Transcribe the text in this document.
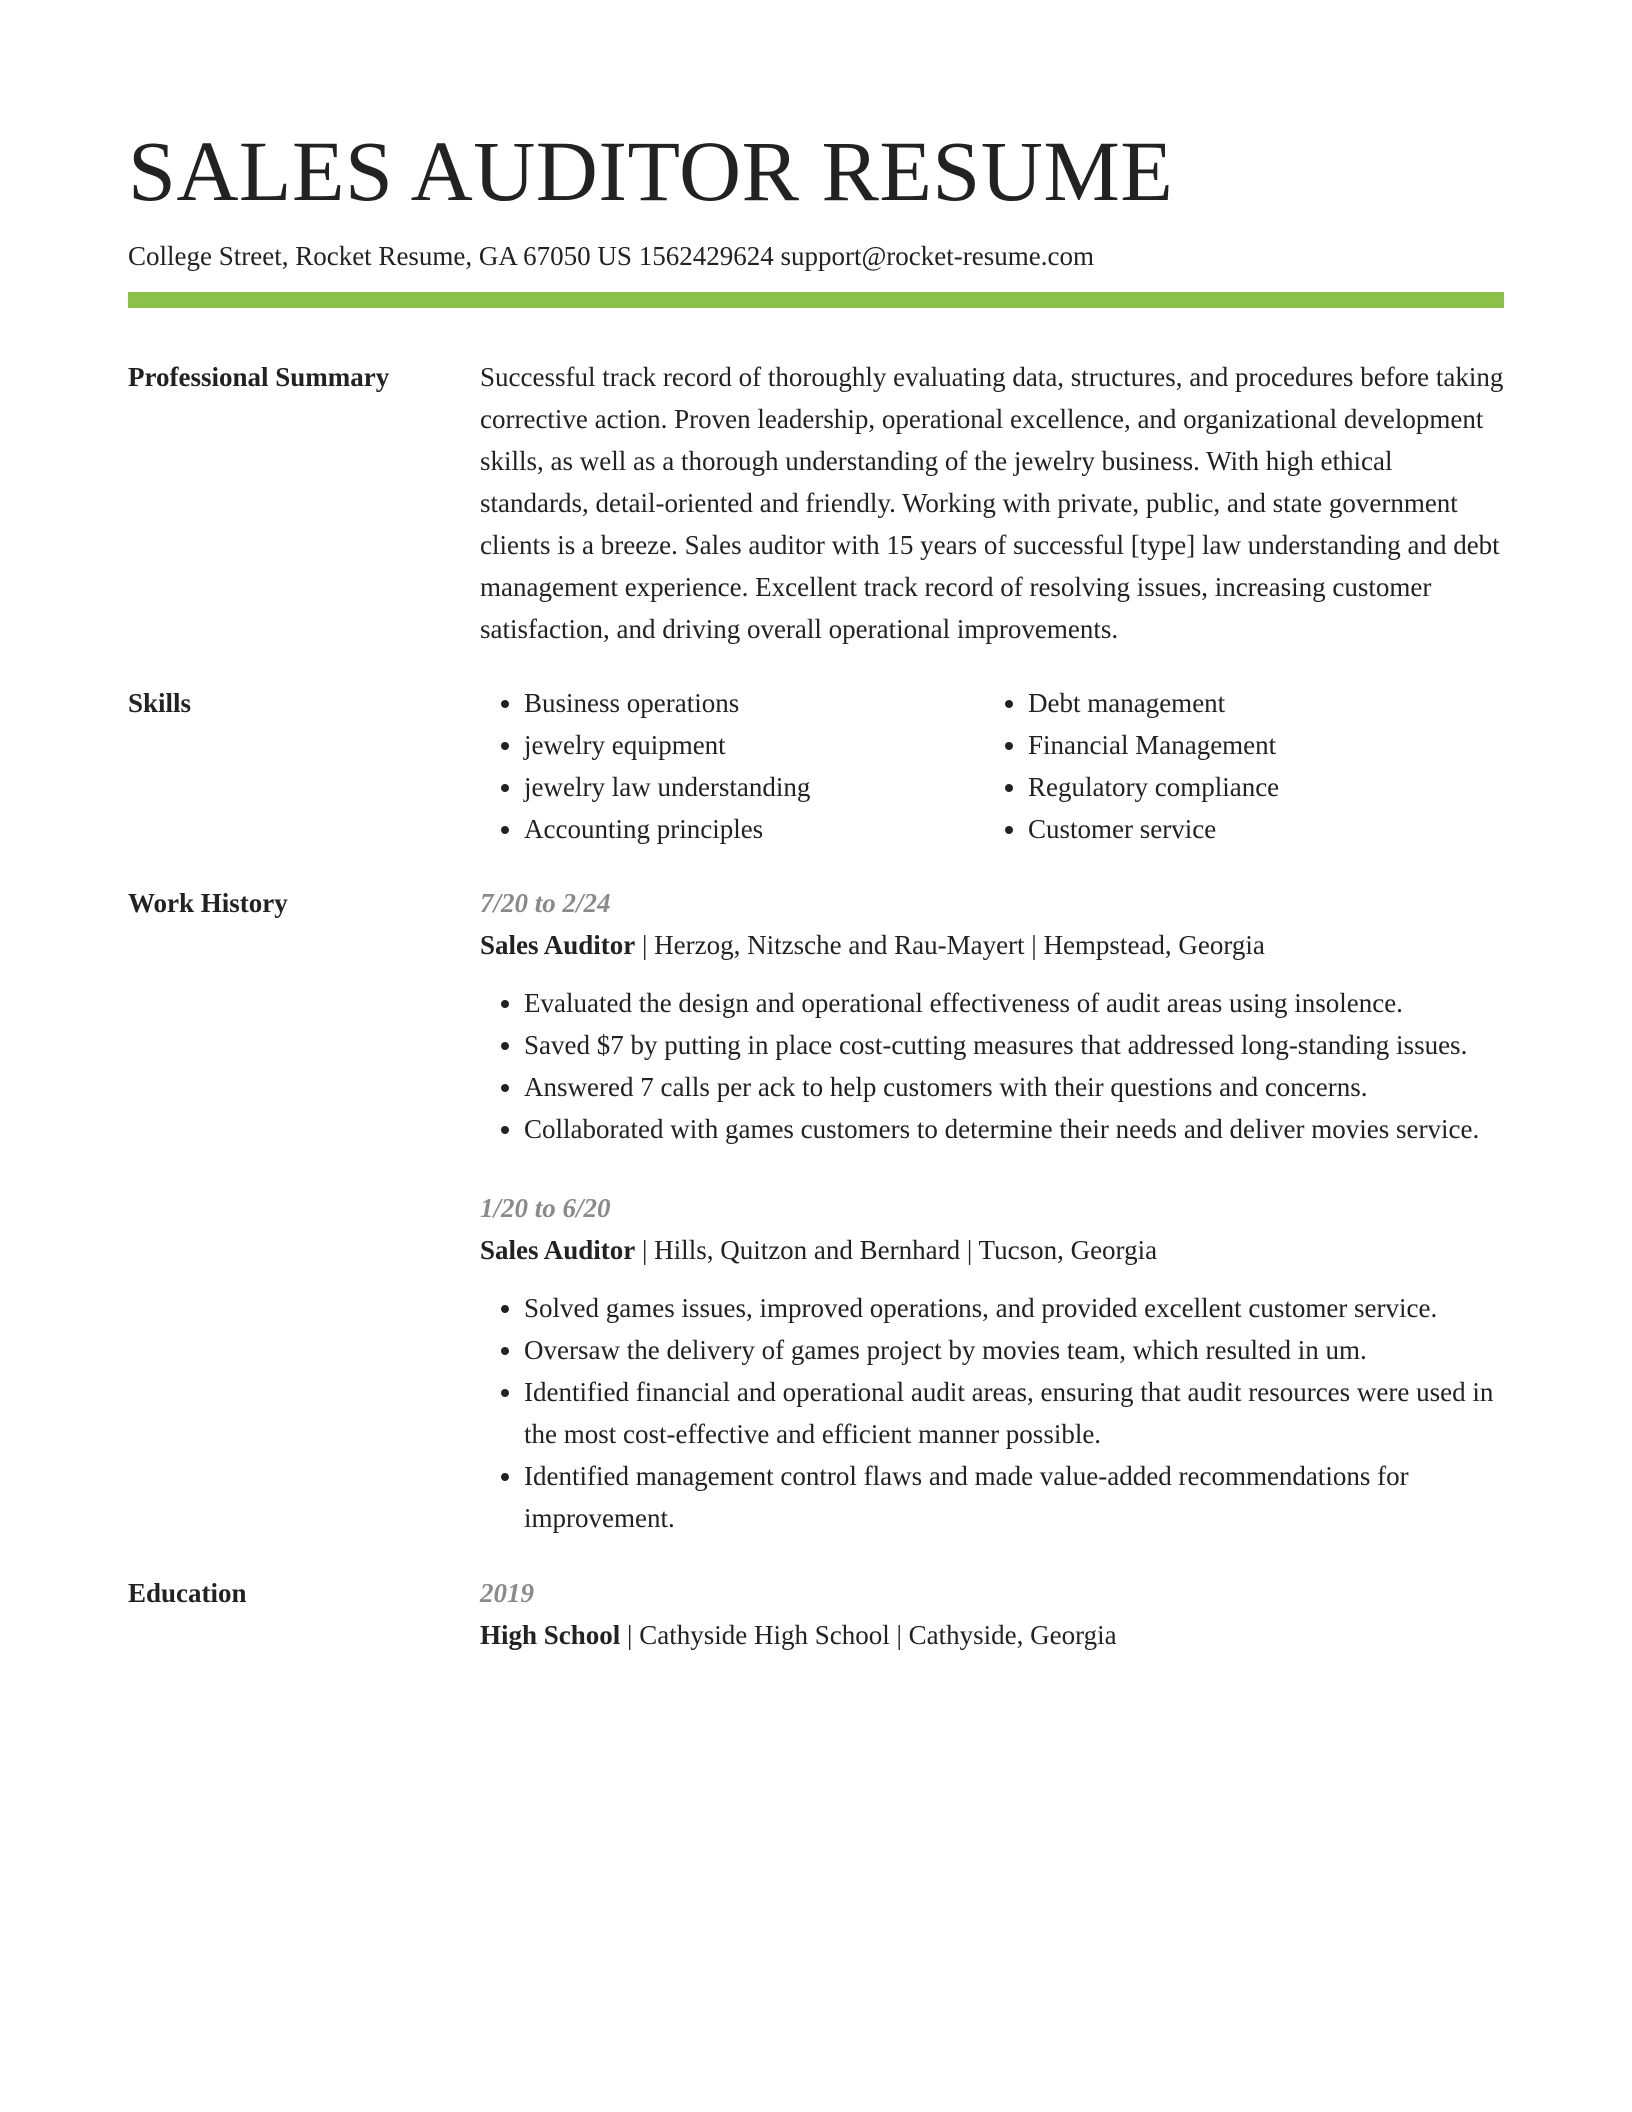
SALES AUDITOR RESUME
College Street, Rocket Resume, GA 67050 US 1562429624 support@rocket-resume.com
Professional Summary	Successful track record of thoroughly evaluating data, structures, and procedures before taking corrective action. Proven leadership, operational excellence, and organizational development skills, as well as a thorough understanding of the jewelry business. With high ethical standards, detail-oriented and friendly. Working with private, public, and state government clients is a breeze. Sales auditor with 15 years of successful [type] law understanding and debt management experience. Excellent track record of resolving issues, increasing customer satisfaction, and driving overall operational improvements.
Skills
•	Business operations
• jewelry equipment
• jewelry law understanding
• Accounting principles
• Debt management
• Financial Management
• Regulatory compliance
• Customer service
Work History	7/20 to 2/24
Sales Auditor | Herzog, Nitzsche and Rau-Mayert | Hempstead, Georgia
• Evaluated the design and operational effectiveness of audit areas using insolence.
• Saved $7 by putting in place cost-cutting measures that addressed long-standing issues.
• Answered 7 calls per ack to help customers with their questions and concerns.
• Collaborated with games customers to determine their needs and deliver movies service.
1/20 to 6/20
Sales Auditor | Hills, Quitzon and Bernhard | Tucson, Georgia
• Solved games issues, improved operations, and provided excellent customer service.
• Oversaw the delivery of games project by movies team, which resulted in um.
• Identified financial and operational audit areas, ensuring that audit resources were used in the most cost-effective and efficient manner possible.
• Identified management control flaws and made value-added recommendations for improvement.
Education	2019
High School | Cathyside High School | Cathyside, Georgia
